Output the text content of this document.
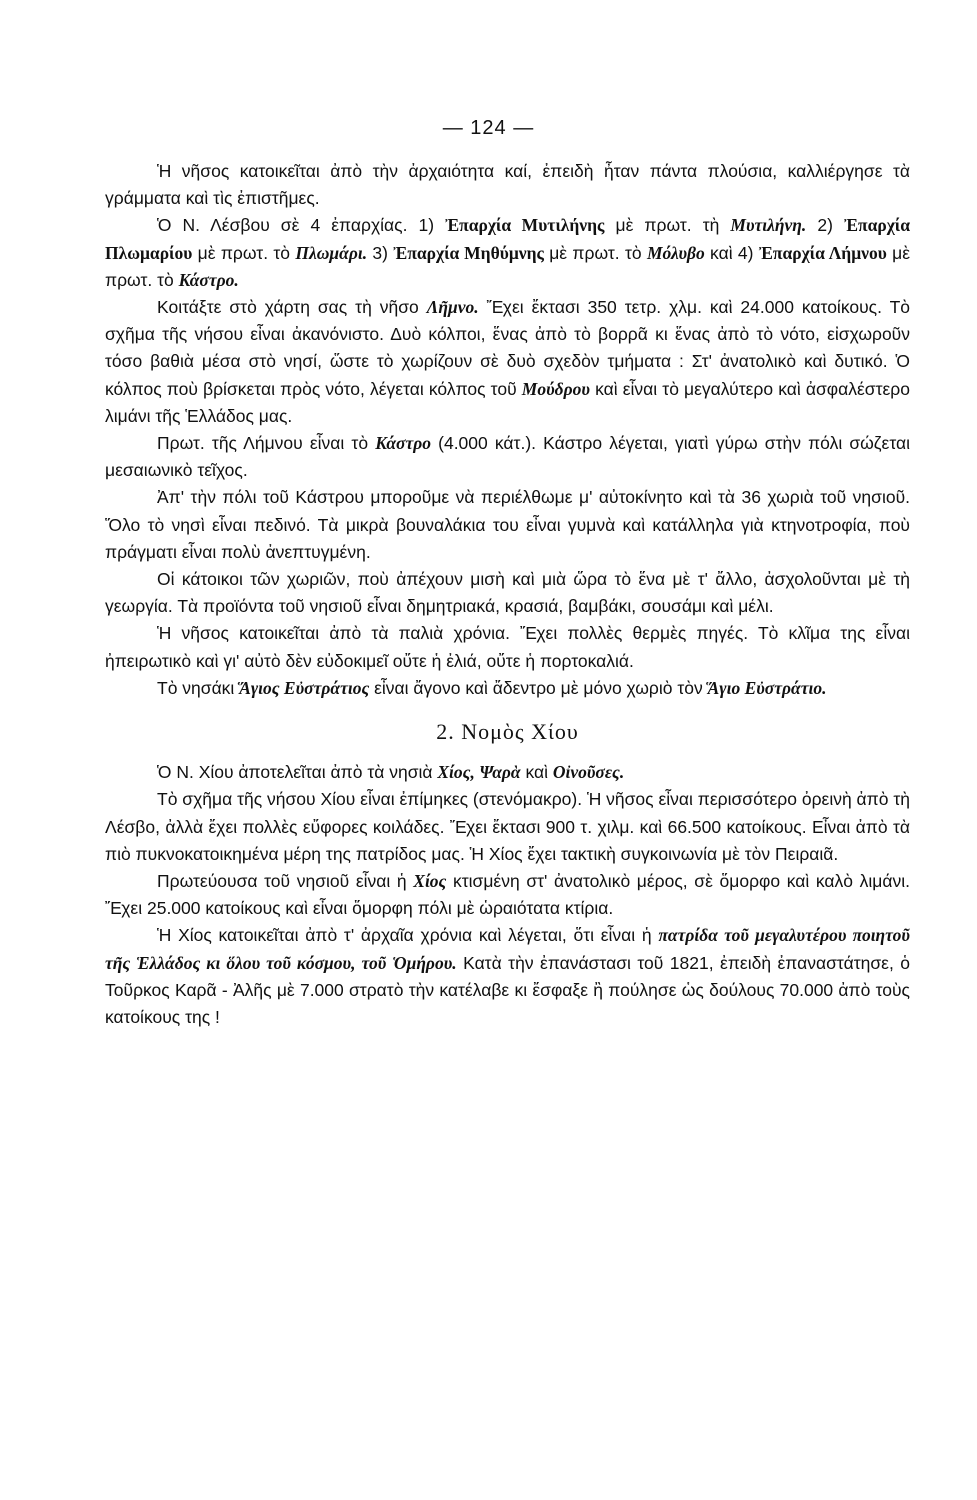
— 124 —

Ἡ νῆσος κατοικεῖται ἀπὸ τὴν ἀρχαιότητα καί, ἐπειδὴ ἦταν πάντα πλούσια, καλλιέργησε τὰ γράμματα καὶ τὶς ἐπιστῆμες.

Ὁ Ν. Λέσβου σὲ 4 ἐπαρχίας. 1) Ἐπαρχία Μυτιλήνης μὲ πρωτ. τὴ Μυτιλήνη. 2) Ἐπαρχία Πλωμαρίου μὲ πρωτ. τὸ Πλωμάρι. 3) Ἐπαρχία Μηθύμνης μὲ πρωτ. τὸ Μόλυβο καὶ 4) Ἐπαρχία Λήμνου μὲ πρωτ. τὸ Κάστρο.

Κοιτάξτε στὸ χάρτη σας τὴ νῆσο Λῆμνο. Ἔχει ἔκτασι 350 τετρ. χλμ. καὶ 24.000 κατοίκους. Τὸ σχῆμα τῆς νήσου εἶναι ἀκανόνιστο. Δυὸ κόλποι, ἕνας ἀπὸ τὸ βορρᾶ κι ἕνας ἀπὸ τὸ νότο, εἰσχωροῦν τόσο βαθιὰ μέσα στὸ νησί, ὥστε τὸ χωρίζουν σὲ δυὸ σχεδὸν τμήματα : Στ' ἀνατολικὸ καὶ δυτικό. Ὁ κόλπος ποὺ βρίσκεται πρὸς νότο, λέγεται κόλπος τοῦ Μούδρου καὶ εἶναι τὸ μεγαλύτερο καὶ ἀσφαλέστερο λιμάνι τῆς Ἑλλάδος μας.

Πρωτ. τῆς Λήμνου εἶναι τὸ Κάστρο (4.000 κάτ.). Κάστρο λέγεται, γιατὶ γύρω στὴν πόλι σώζεται μεσαιωνικὸ τεῖχος.

Ἀπ' τὴν πόλι τοῦ Κάστρου μποροῦμε νὰ περιέλθωμε μ' αὐτοκίνητο καὶ τὰ 36 χωριὰ τοῦ νησιοῦ. Ὅλο τὸ νησὶ εἶναι πεδινό. Τὰ μικρὰ βουναλάκια του εἶναι γυμνὰ καὶ κατάλληλα γιὰ κτηνοτροφία, ποὺ πράγματι εἶναι πολὺ ἀνεπτυγμένη.

Οἱ κάτοικοι τῶν χωριῶν, ποὺ ἀπέχουν μισὴ καὶ μιὰ ὥρα τὸ ἕνα μὲ τ' ἄλλο, ἀσχολοῦνται μὲ τὴ γεωργία. Τὰ προϊόντα τοῦ νησιοῦ εἶναι δημητριακά, κρασιά, βαμβάκι, σουσάμι καὶ μέλι.

Ἡ νῆσος κατοικεῖται ἀπὸ τὰ παλιὰ χρόνια. Ἔχει πολλὲς θερμὲς πηγές. Τὸ κλῖμα της εἶναι ἠπειρωτικὸ καὶ γι' αὐτὸ δὲν εὐδοκιμεῖ οὔτε ἡ ἐλιά, οὔτε ἡ πορτοκαλιά.

Τὸ νησάκι Ἅγιος Εὐστράτιος εἶναι ἄγονο καὶ ἄδεντρο μὲ μόνο χωριὸ τὸν Ἅγιο Εὐστράτιο.

2. Νομὸς Χίου

Ὁ Ν. Χίου ἀποτελεῖται ἀπὸ τὰ νησιὰ Χίος, Ψαρὰ καὶ Οἰνοῦσες.

Τὸ σχῆμα τῆς νήσου Χίου εἶναι ἐπίμηκες (στενόμακρο). Ἡ νῆσος εἶναι περισσότερο ὀρεινὴ ἀπὸ τὴ Λέσβο, ἀλλὰ ἔχει πολλὲς εὔφορες κοιλάδες. Ἔχει ἔκτασι 900 τ. χιλμ. καὶ 66.500 κατοίκους. Εἶναι ἀπὸ τὰ πιὸ πυκνοκατοικημένα μέρη της πατρίδος μας. Ἡ Χίος ἔχει τακτικὴ συγκοινωνία μὲ τὸν Πειραιᾶ.

Πρωτεύουσα τοῦ νησιοῦ εἶναι ἡ Χίος κτισμένη στ' ἀνατολικὸ μέρος, σὲ ὅμορφο καὶ καλὸ λιμάνι. Ἔχει 25.000 κατοίκους καὶ εἶναι ὅμορφη πόλι μὲ ὡραιότατα κτίρια.

Ἡ Χίος κατοικεῖται ἀπὸ τ' ἀρχαῖα χρόνια καὶ λέγεται, ὅτι εἶναι ἡ πατρίδα τοῦ μεγαλυτέρου ποιητοῦ τῆς Ἑλλάδος κι ὅλου τοῦ κόσμου, τοῦ Ὁμήρου. Κατὰ τὴν ἐπανάστασι τοῦ 1821, ἐπειδὴ ἐπαναστάτησε, ὁ Τοῦρκος Καρᾶ - Ἀλῆς μὲ 7.000 στρατὸ τὴν κατέλαβε κι ἔσφαξε ἢ πούλησε ὡς δούλους 70.000 ἀπὸ τοὺς κατοίκους της !
